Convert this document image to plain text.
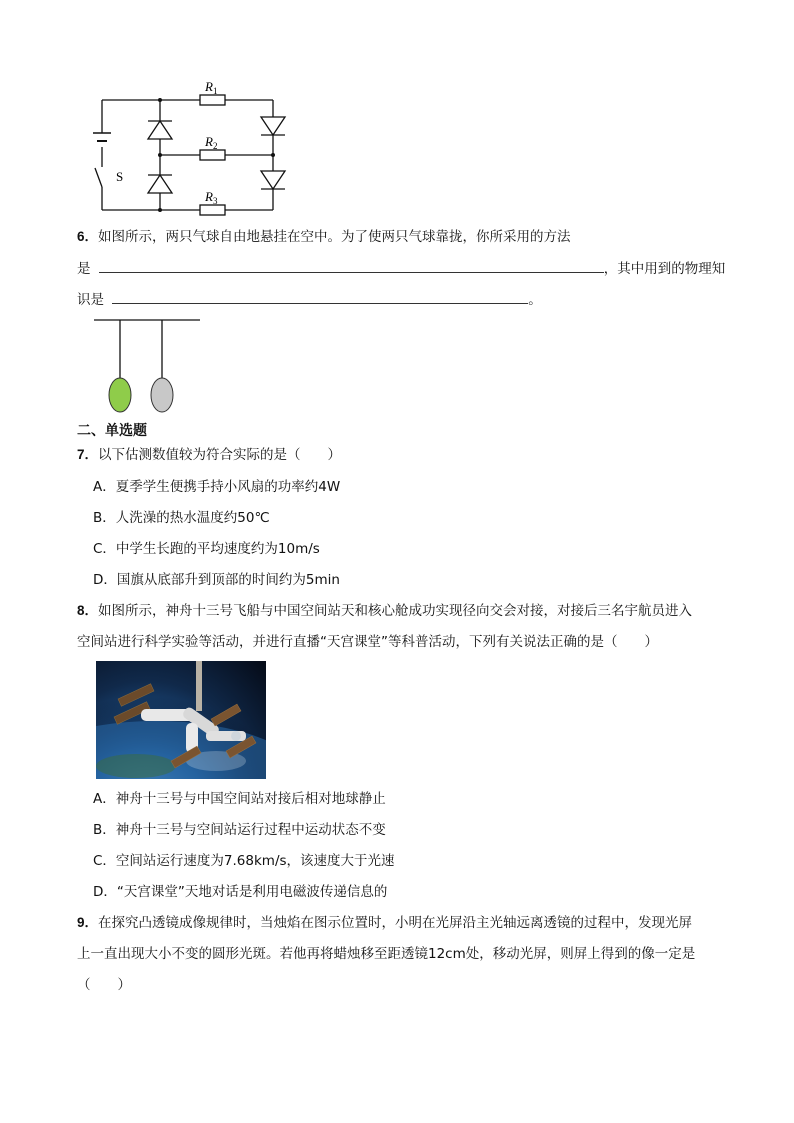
$R_1$
$R_2$
$R_3$
S
6．如图所示，两只气球自由地悬挂在空中。为了使两只气球靠拢，你所采用的方法
是	，其中用到的物理知
识是	。
二、单选题
7．以下估测数值较为符合实际的是（　　）
A．夏季学生便携手持小风扇的功率约4W
B．人洗澡的热水温度约50℃
C．中学生长跑的平均速度约为10m/s
D．国旗从底部升到顶部的时间约为5min
8．如图所示，神舟十三号飞船与中国空间站天和核心舱成功实现径向交会对接，对接后三名宇航员进入
空间站进行科学实验等活动，并进行直播“天宫课堂”等科普活动，下列有关说法正确的是（　　）
A．神舟十三号与中国空间站对接后相对地球静止
B．神舟十三号与空间站运行过程中运动状态不变
C．空间站运行速度为7.68km/s，该速度大于光速
D．“天宫课堂”天地对话是利用电磁波传递信息的
9．在探究凸透镜成像规律时，当烛焰在图示位置时，小明在光屏沿主光轴远离透镜的过程中，发现光屏
上一直出现大小不变的圆形光斑。若他再将蜡烛移至距透镜12cm处，移动光屏，则屏上得到的像一定是
（　　）
